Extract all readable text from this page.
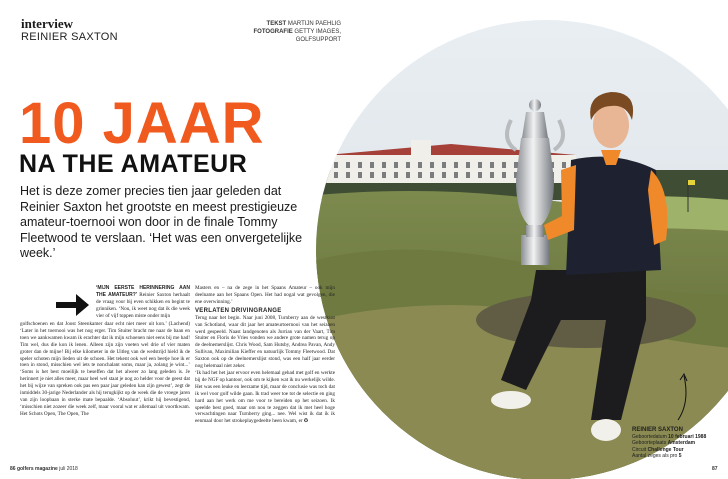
interview
REINIER SAXTON
TEKST MARTIJN PAEHLIG
FOTOGRAFIE GETTY IMAGES, GOLFSUPPORT
10 JAAR
NA THE AMATEUR
Het is deze zomer precies tien jaar geleden dat Reinier Saxton het grootste en meest prestigieuze amateur-toernooi won door in de finale Tommy Fleetwood te verslaan. ‘Het was een onvergetelijke week.’

‘MIJN EERSTE HERINNERING AAN THE AMATEUR?’ Reinier Saxton herhaalt de vraag voor bij even schikken en begint te grinniken. ‘Nou, ik weet nog dat ik die week vier of vijf toppen miste onder mijn

golfschoenen en dat Joost Steenkamer daar echt niet meer uit kon.’ (Lachend) ‘Later in het toernooi was het nog erger. Tim Stuiter bracht me naar de baan en toen we aankwamen kwam ik erachter dat ik mijn schoenen niet eens bij me had! Tim wel, dus die kon ik lenen. Alleen zijn zijn voeten wel drie of vier maten groter dan de mijne! Bij elke kilometer in de Uitleg van de wedstrijd hield ik de speler schoten mijn lieden uit de schoen. Het tekent ook wel een beetje hoe ik er toen in stond, misschien wel iets te nonchalant soms, maar ja, zolang je wint...’ ‘Soms is het best moeilijk te beseffen dat het alweer zo lang geleden is. Je herinnert je niet alles meer, maar heel wel staat je nog zo helder voor de geest dat het bij wijze van spreken ook pas een paar jaar geleden kan zijn gewest’, zegt de inmiddels 30-jarige Nederlander als hij terugkijkt op de week die de vroege jaren van zijn loopbaan in sterke mate bepaalde. ‘Absoluut’, krikt hij bevestigend, ‘misschien niet zozeer die week zelf, maar vooral wat er allemaal uit voortkwam. Het Schots Open, The Open, The

Masters en – na de zege in het Spaans Amateur – ook mijn deelname aan het Spaans Open. Het had nogal wat gevolgen, die ene overwinning.’

VERLATEN DRIVINGRANGE

Terug naar het begin. Naar juni 2008, Turnberry aan de westkust van Schotland, waar dit jaar het amateurtoernooi van het seizoen werd gespeeld. Naast landgenoten als Jurrian van der Vaart, Tim Stuiter en Floris de Vries vonden we andere grote namen terug op de deelnemerslijst. Chris Wood, Sam Hutsby, Andrea Pavan, Andy Sullivan, Maximilian Kieffer en natuurlijk Tommy Fleetwood. Dat Saxton ook op de deelnemerslijst stond, was een half jaar eerder nog helemaal niet zeker.

‘Ik had het het jaar ervoor even helemaal gehad met golf en werkte bij de NGF op kantoor, ook om te kijken wat ik nu werkelijk wilde. Het was een leuke en leerzame tijd, maar de conclusie was toch dat ik wel voor golf wilde gaan. Ik trad weer toe tot de selectie en ging hard aan het werk om me voor te bereiden op het seizoen. Ik speelde best goed, maar om nou te zeggen dat ik met heel hoge verwachtingen naar Turnberry ging... nee. Wel wist ik dat ik ik eenmaal door het strokeplaygedeelte heen kwam, er ✪

REINIER SAXTON
Geboortedatum 10 februari 1988
Geboorteplaats Amsterdam
Circuit Challenge Tour
Aantal zeges als pro 5
86 golfers magazine juli 2018	87
